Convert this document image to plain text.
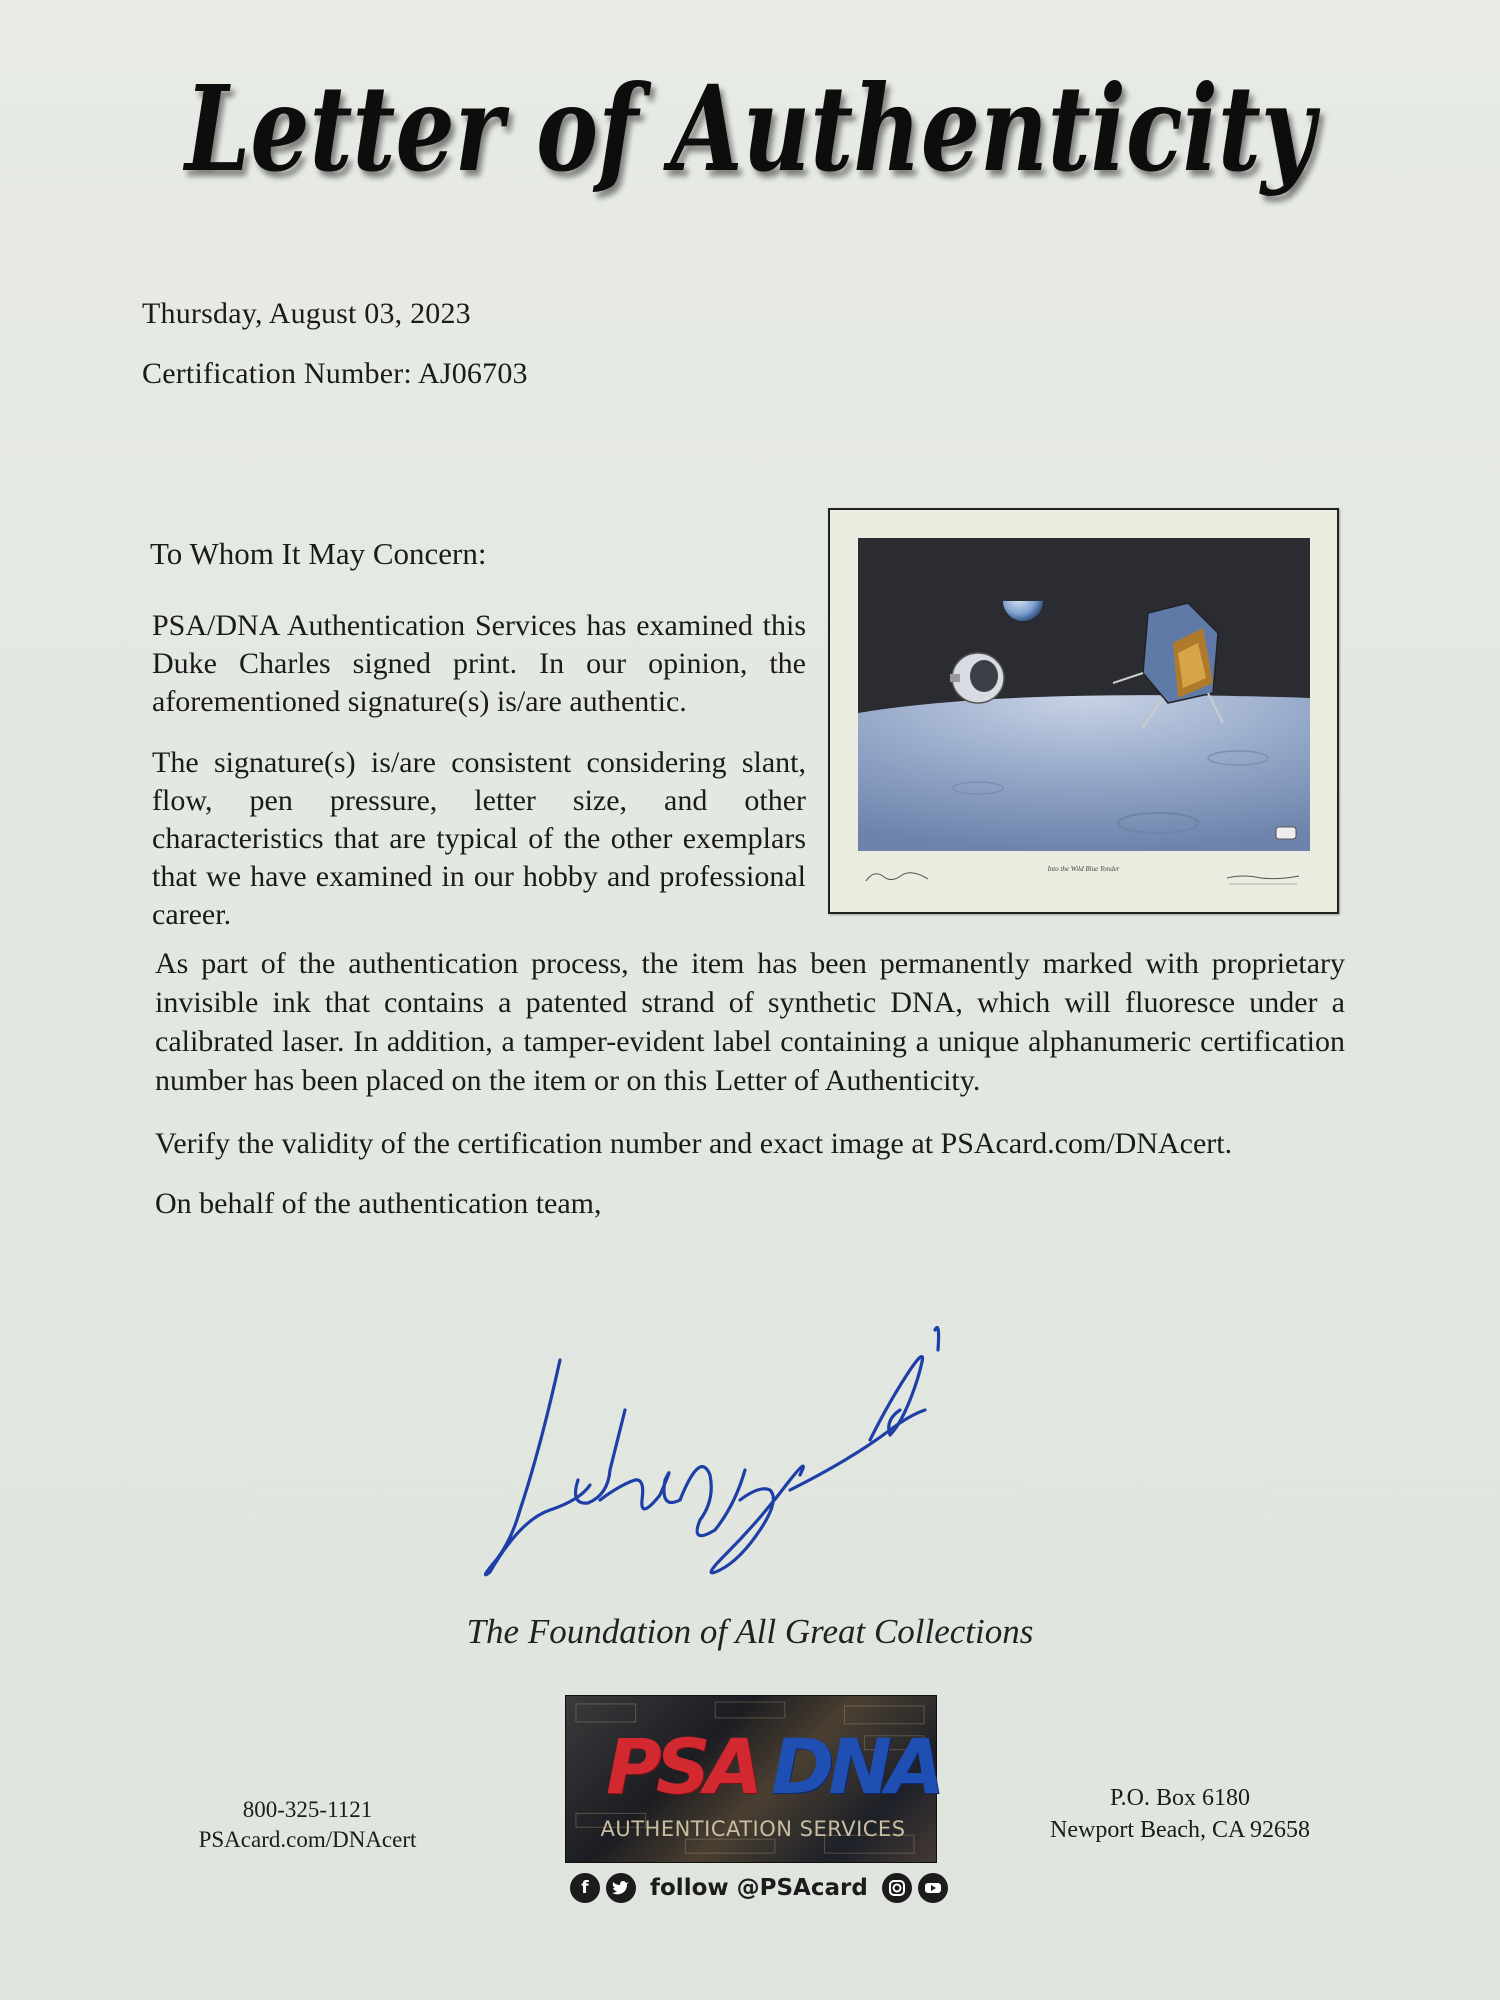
Letter of Authenticity
Thursday, August 03, 2023
Certification Number: AJ06703
To Whom It May Concern:
PSA/DNA Authentication Services has examined this Duke Charles signed print. In our opinion, the aforementioned signature(s) is/are authentic.
The signature(s) is/are consistent considering slant, flow, pen pressure, letter size, and other characteristics that are typical of the other exemplars that we have examined in our hobby and professional career.
Into the Wild Blue Yonder
As part of the authentication process, the item has been permanently marked with proprietary invisible ink that contains a patented strand of synthetic DNA, which will fluoresce under a calibrated laser. In addition, a tamper-evident label containing a unique alphanumeric certification number has been placed on the item or on this Letter of Authenticity.
Verify the validity of the certification number and exact image at PSAcard.com/DNAcert.
On behalf of the authentication team,
The Foundation of All Great Collections
800-325-1121
PSAcard.com/DNAcert
PSA DNA
AUTHENTICATION SERVICES
f	follow @PSAcard
P.O. Box 6180
Newport Beach, CA 92658
